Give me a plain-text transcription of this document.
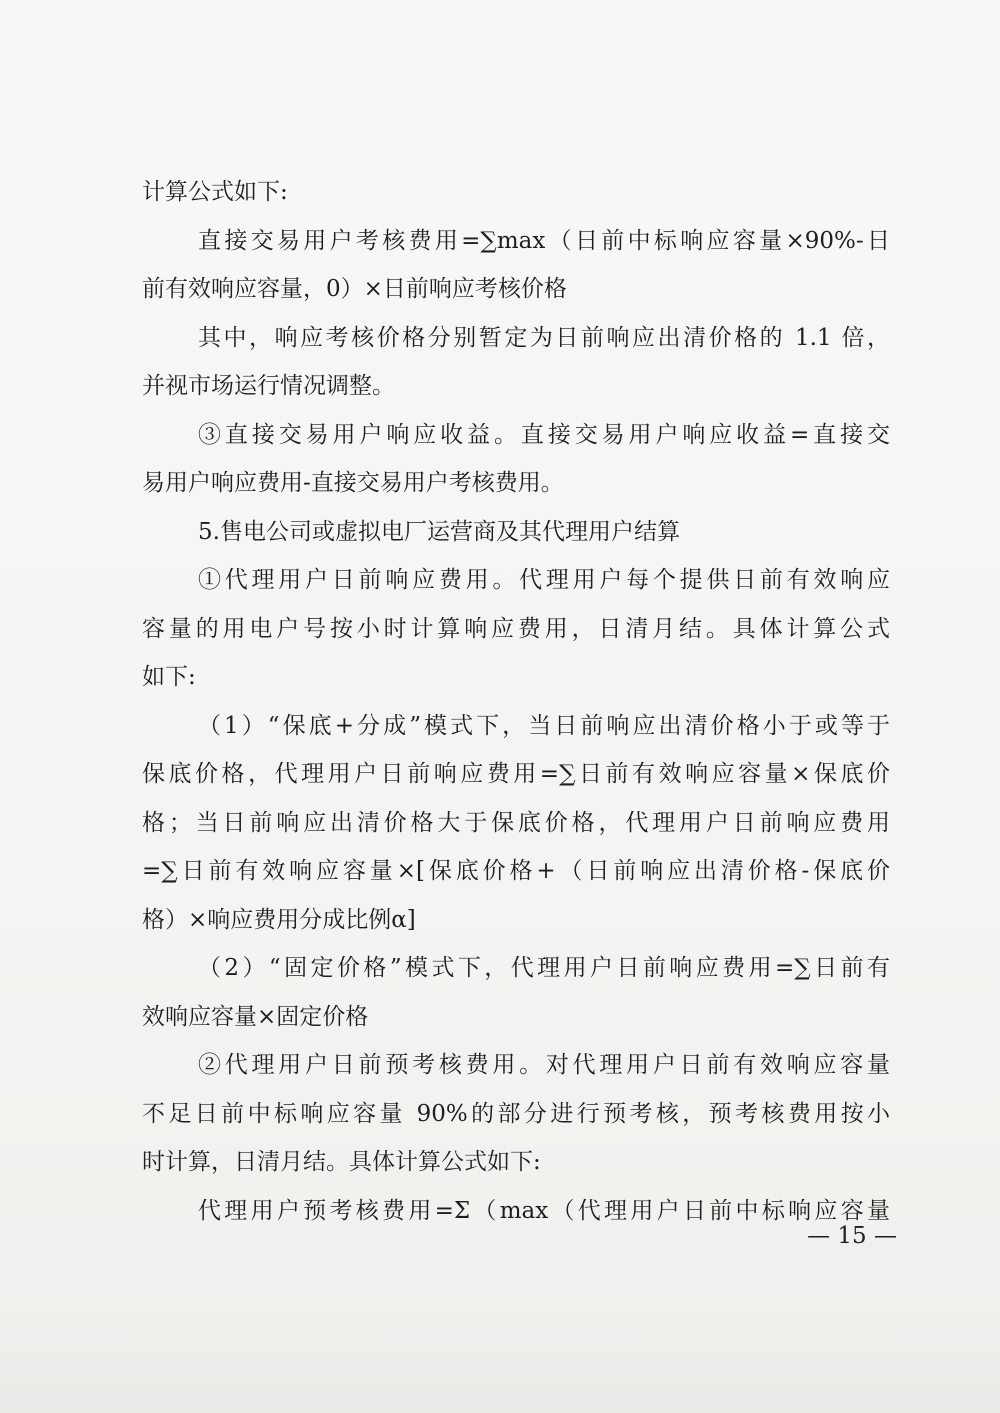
计算公式如下:
直接交易用户考核费用=∑max（日前中标响应容量×90%-日
前有效响应容量，0）×日前响应考核价格
其中，响应考核价格分别暂定为日前响应出清价格的 1.1 倍，
并视市场运行情况调整。
③直接交易用户响应收益。直接交易用户响应收益=直接交
易用户响应费用-直接交易用户考核费用。
5.售电公司或虚拟电厂运营商及其代理用户结算
①代理用户日前响应费用。代理用户每个提供日前有效响应
容量的用电户号按小时计算响应费用，日清月结。具体计算公式
如下:
（1）“保底+分成”模式下，当日前响应出清价格小于或等于
保底价格，代理用户日前响应费用=∑日前有效响应容量×保底价
格；当日前响应出清价格大于保底价格，代理用户日前响应费用
=∑日前有效响应容量×[保底价格+（日前响应出清价格-保底价
格）×响应费用分成比例α]
（2）“固定价格”模式下，代理用户日前响应费用=∑日前有
效响应容量×固定价格
②代理用户日前预考核费用。对代理用户日前有效响应容量
不足日前中标响应容量 90%的部分进行预考核，预考核费用按小
时计算，日清月结。具体计算公式如下:
代理用户预考核费用=Σ（max（代理用户日前中标响应容量
— 15 —
